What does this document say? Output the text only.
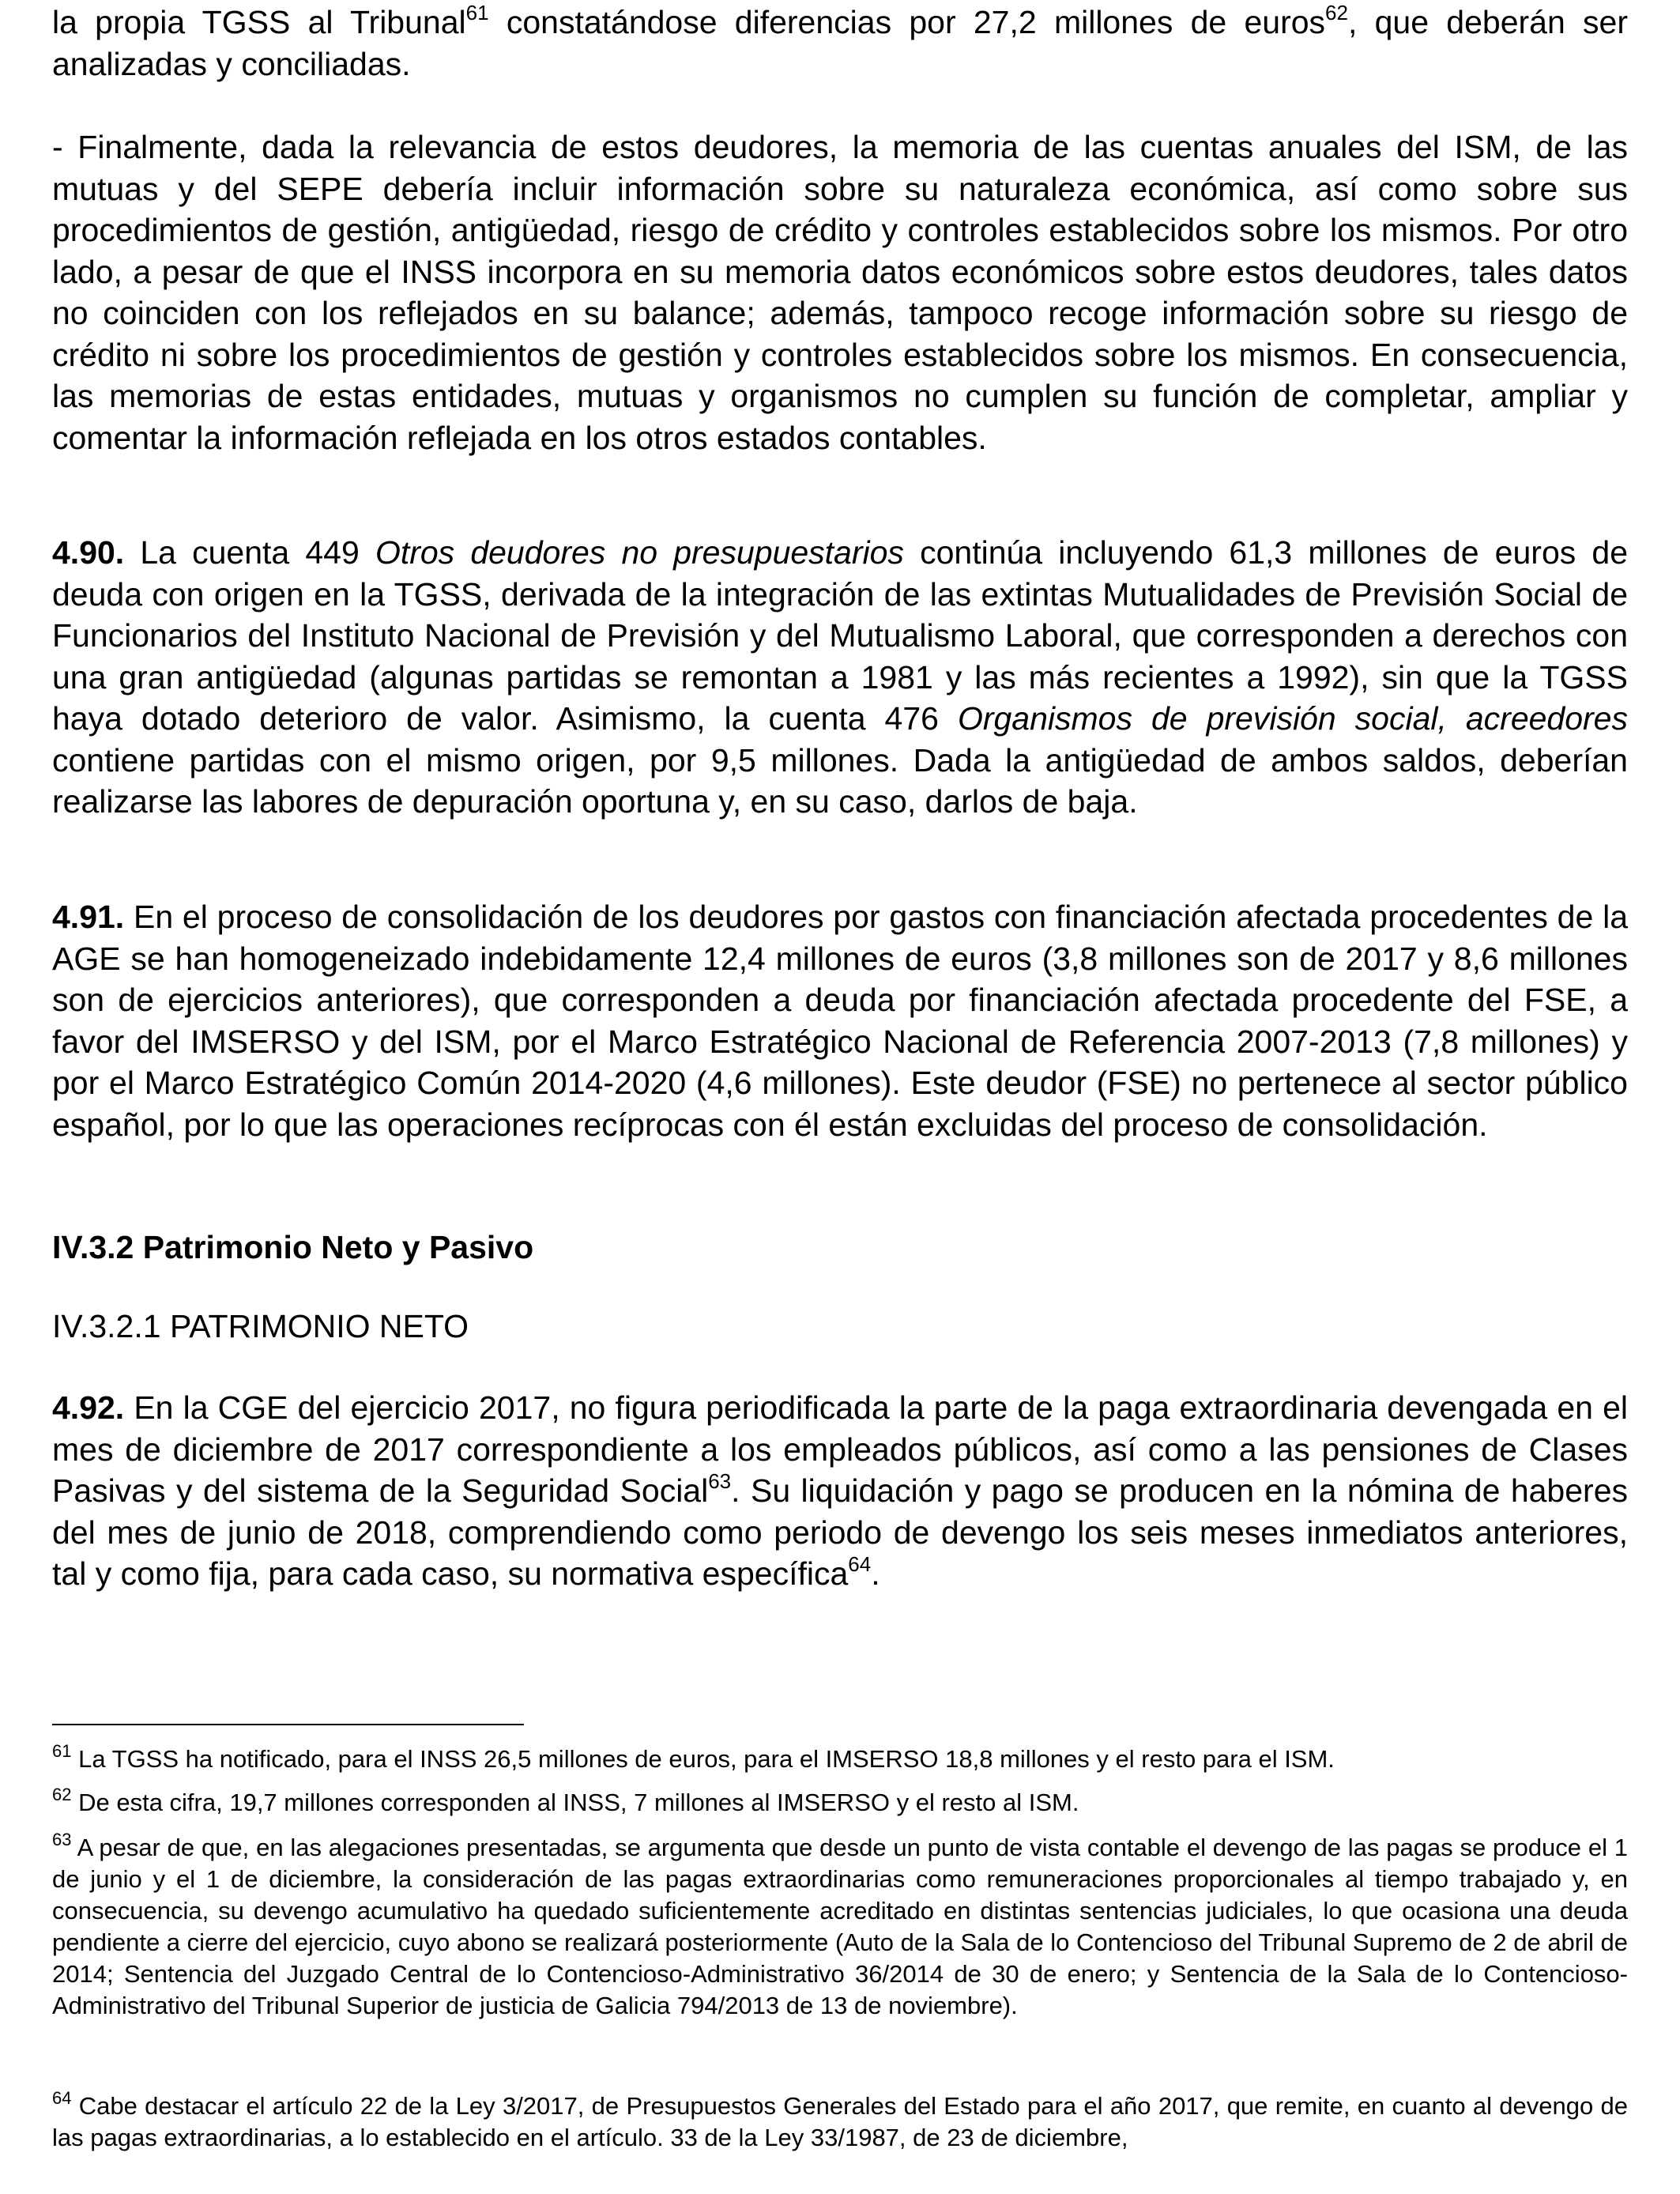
la propia TGSS al Tribunal$^{61}$ constatándose diferencias por 27,2 millones de euros$^{62}$, que deberán ser analizadas y conciliadas.
- Finalmente, dada la relevancia de estos deudores, la memoria de las cuentas anuales del ISM, de las mutuas y del SEPE debería incluir información sobre su naturaleza económica, así como sobre sus procedimientos de gestión, antigüedad, riesgo de crédito y controles establecidos sobre los mismos. Por otro lado, a pesar de que el INSS incorpora en su memoria datos económicos sobre estos deudores, tales datos no coinciden con los reflejados en su balance; además, tampoco recoge información sobre su riesgo de crédito ni sobre los procedimientos de gestión y controles establecidos sobre los mismos. En consecuencia, las memorias de estas entidades, mutuas y organismos no cumplen su función de completar, ampliar y comentar la información reflejada en los otros estados contables.
4.90. La cuenta 449 Otros deudores no presupuestarios continúa incluyendo 61,3 millones de euros de deuda con origen en la TGSS, derivada de la integración de las extintas Mutualidades de Previsión Social de Funcionarios del Instituto Nacional de Previsión y del Mutualismo Laboral, que corresponden a derechos con una gran antigüedad (algunas partidas se remontan a 1981 y las más recientes a 1992), sin que la TGSS haya dotado deterioro de valor. Asimismo, la cuenta 476 Organismos de previsión social, acreedores contiene partidas con el mismo origen, por 9,5 millones. Dada la antigüedad de ambos saldos, deberían realizarse las labores de depuración oportuna y, en su caso, darlos de baja.
4.91. En el proceso de consolidación de los deudores por gastos con financiación afectada procedentes de la AGE se han homogeneizado indebidamente 12,4 millones de euros (3,8 millones son de 2017 y 8,6 millones son de ejercicios anteriores), que corresponden a deuda por financiación afectada procedente del FSE, a favor del IMSERSO y del ISM, por el Marco Estratégico Nacional de Referencia 2007-2013 (7,8 millones) y por el Marco Estratégico Común 2014-2020 (4,6 millones). Este deudor (FSE) no pertenece al sector público español, por lo que las operaciones recíprocas con él están excluidas del proceso de consolidación.
IV.3.2 Patrimonio Neto y Pasivo
IV.3.2.1 PATRIMONIO NETO
4.92. En la CGE del ejercicio 2017, no figura periodificada la parte de la paga extraordinaria devengada en el mes de diciembre de 2017 correspondiente a los empleados públicos, así como a las pensiones de Clases Pasivas y del sistema de la Seguridad Social$^{63}$. Su liquidación y pago se producen en la nómina de haberes del mes de junio de 2018, comprendiendo como periodo de devengo los seis meses inmediatos anteriores, tal y como fija, para cada caso, su normativa específica$^{64}$.
$^{61}$ La TGSS ha notificado, para el INSS 26,5 millones de euros, para el IMSERSO 18,8 millones y el resto para el ISM.
$^{62}$ De esta cifra, 19,7 millones corresponden al INSS, 7 millones al IMSERSO y el resto al ISM.
$^{63}$ A pesar de que, en las alegaciones presentadas, se argumenta que desde un punto de vista contable el devengo de las pagas se produce el 1 de junio y el 1 de diciembre, la consideración de las pagas extraordinarias como remuneraciones proporcionales al tiempo trabajado y, en consecuencia, su devengo acumulativo ha quedado suficientemente acreditado en distintas sentencias judiciales, lo que ocasiona una deuda pendiente a cierre del ejercicio, cuyo abono se realizará posteriormente (Auto de la Sala de lo Contencioso del Tribunal Supremo de 2 de abril de 2014; Sentencia del Juzgado Central de lo Contencioso-Administrativo 36/2014 de 30 de enero; y Sentencia de la Sala de lo Contencioso-Administrativo del Tribunal Superior de justicia de Galicia 794/2013 de 13 de noviembre).
$^{64}$ Cabe destacar el artículo 22 de la Ley 3/2017, de Presupuestos Generales del Estado para el año 2017, que remite, en cuanto al devengo de las pagas extraordinarias, a lo establecido en el artículo. 33 de la Ley 33/1987, de 23 de diciembre,
